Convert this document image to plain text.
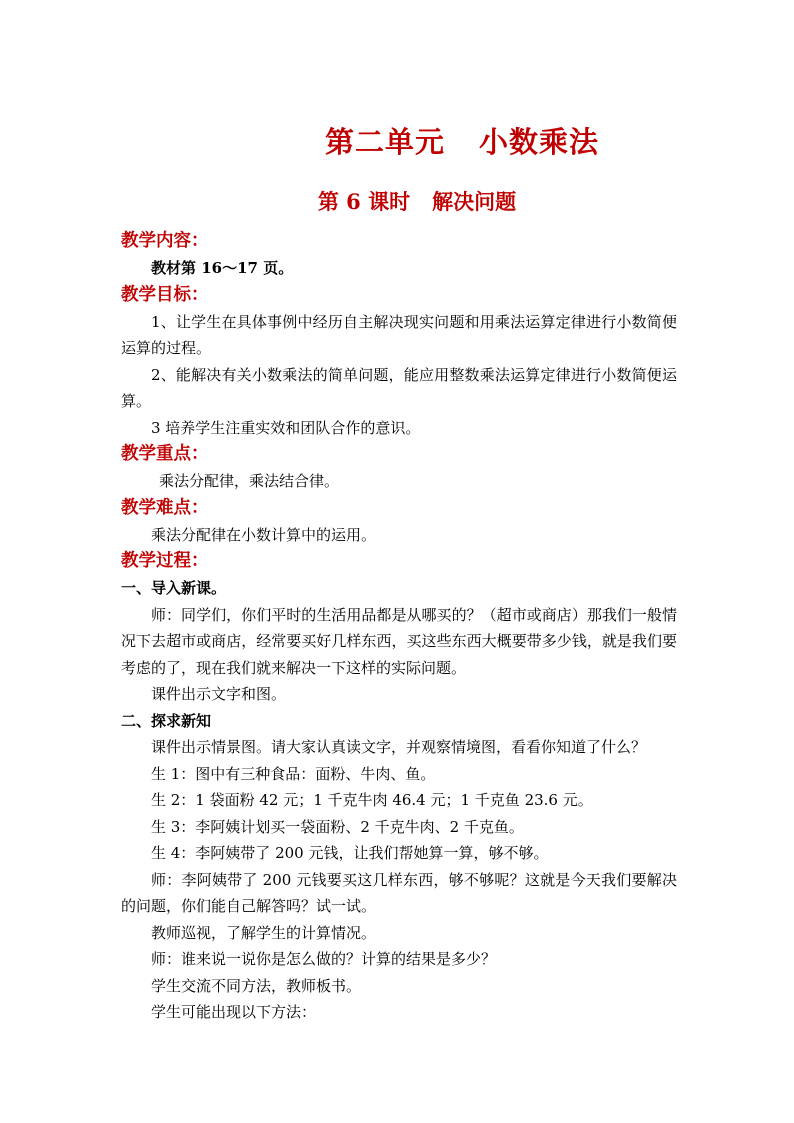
第二单元 小数乘法
第 6 课时 解决问题
教学内容：
教材第 16～17 页。
教学目标：
1、让学生在具体事例中经历自主解决现实问题和用乘法运算定律进行小数简便运算的过程。
2、能解决有关小数乘法的简单问题，能应用整数乘法运算定律进行小数简便运算。
3 培养学生注重实效和团队合作的意识。
教学重点：
乘法分配律，乘法结合律。
教学难点：
乘法分配律在小数计算中的运用。
教学过程：
一、导入新课。
师：同学们，你们平时的生活用品都是从哪买的？（超市或商店）那我们一般情况下去超市或商店，经常要买好几样东西，买这些东西大概要带多少钱，就是我们要考虑的了，现在我们就来解决一下这样的实际问题。
课件出示文字和图。
二、探求新知
课件出示情景图。请大家认真读文字，并观察情境图，看看你知道了什么？
生 1：图中有三种食品：面粉、牛肉、鱼。
生 2：1 袋面粉 42 元；1 千克牛肉 46.4 元；1 千克鱼 23.6 元。
生 3：李阿姨计划买一袋面粉、2 千克牛肉、2 千克鱼。
生 4：李阿姨带了 200 元钱，让我们帮她算一算，够不够。
师：李阿姨带了 200 元钱要买这几样东西，够不够呢？这就是今天我们要解决的问题，你们能自己解答吗？试一试。
教师巡视，了解学生的计算情况。
师：谁来说一说你是怎么做的？计算的结果是多少？
学生交流不同方法，教师板书。
学生可能出现以下方法：
